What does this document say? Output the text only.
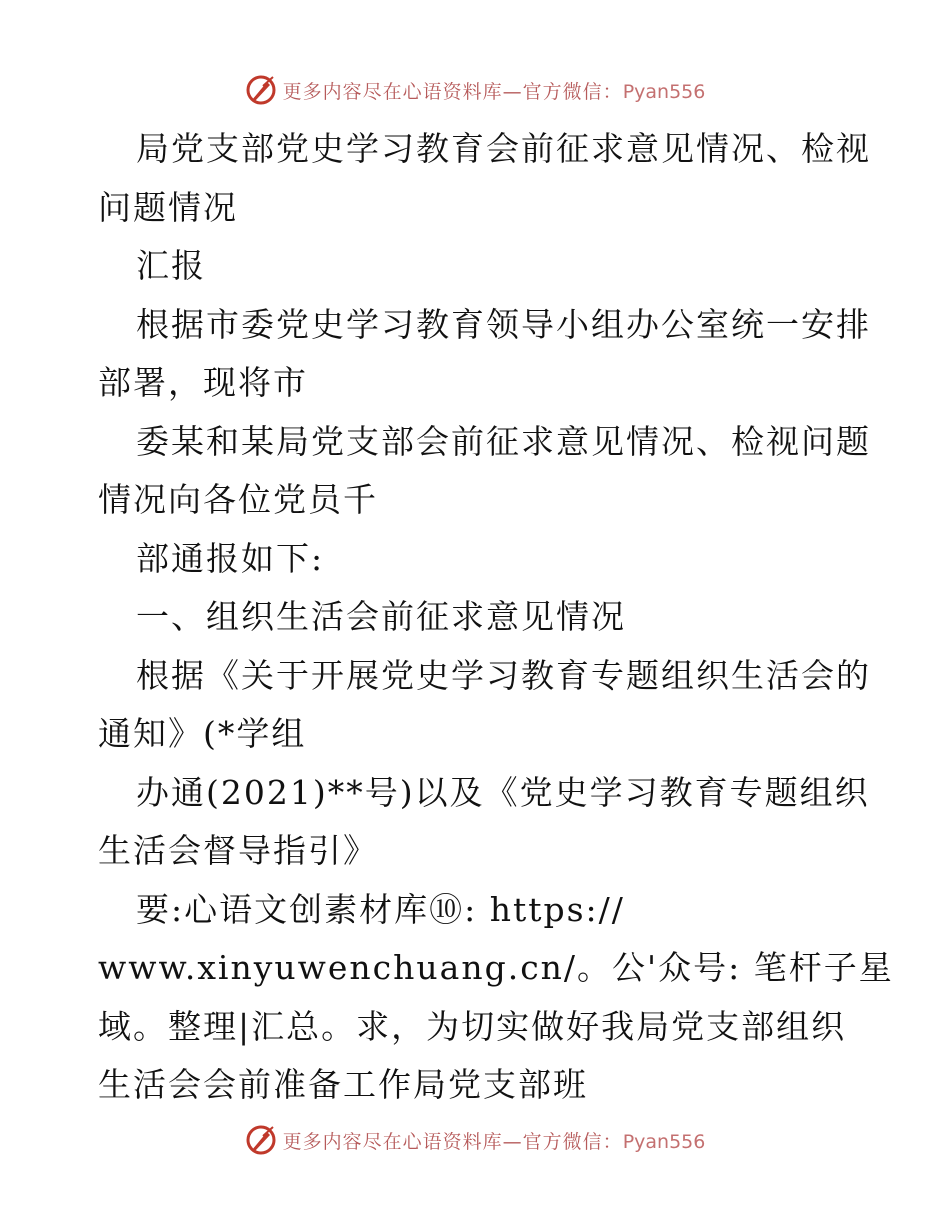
更多内容尽在心语资料库—官方微信：Pyan556
局党支部党史学习教育会前征求意见情况、检视
问题情况
汇报
根据市委党史学习教育领导小组办公室统一安排
部署，现将市
委某和某局党支部会前征求意见情况、检视问题
情况向各位党员千
部通报如下:
一、组织生活会前征求意见情况
根据《关于开展党史学习教育专题组织生活会的
通知》(*学组
办通(2021)**号)以及《党史学习教育专题组织
生活会督导指引》
要:心语文创素材库⑩: https://
www.xinyuwenchuang.cn/。公'众号: 笔杆子星
域。整理|汇总。求，为切实做好我局党支部组织
生活会会前准备工作局党支部班
更多内容尽在心语资料库—官方微信：Pyan556
